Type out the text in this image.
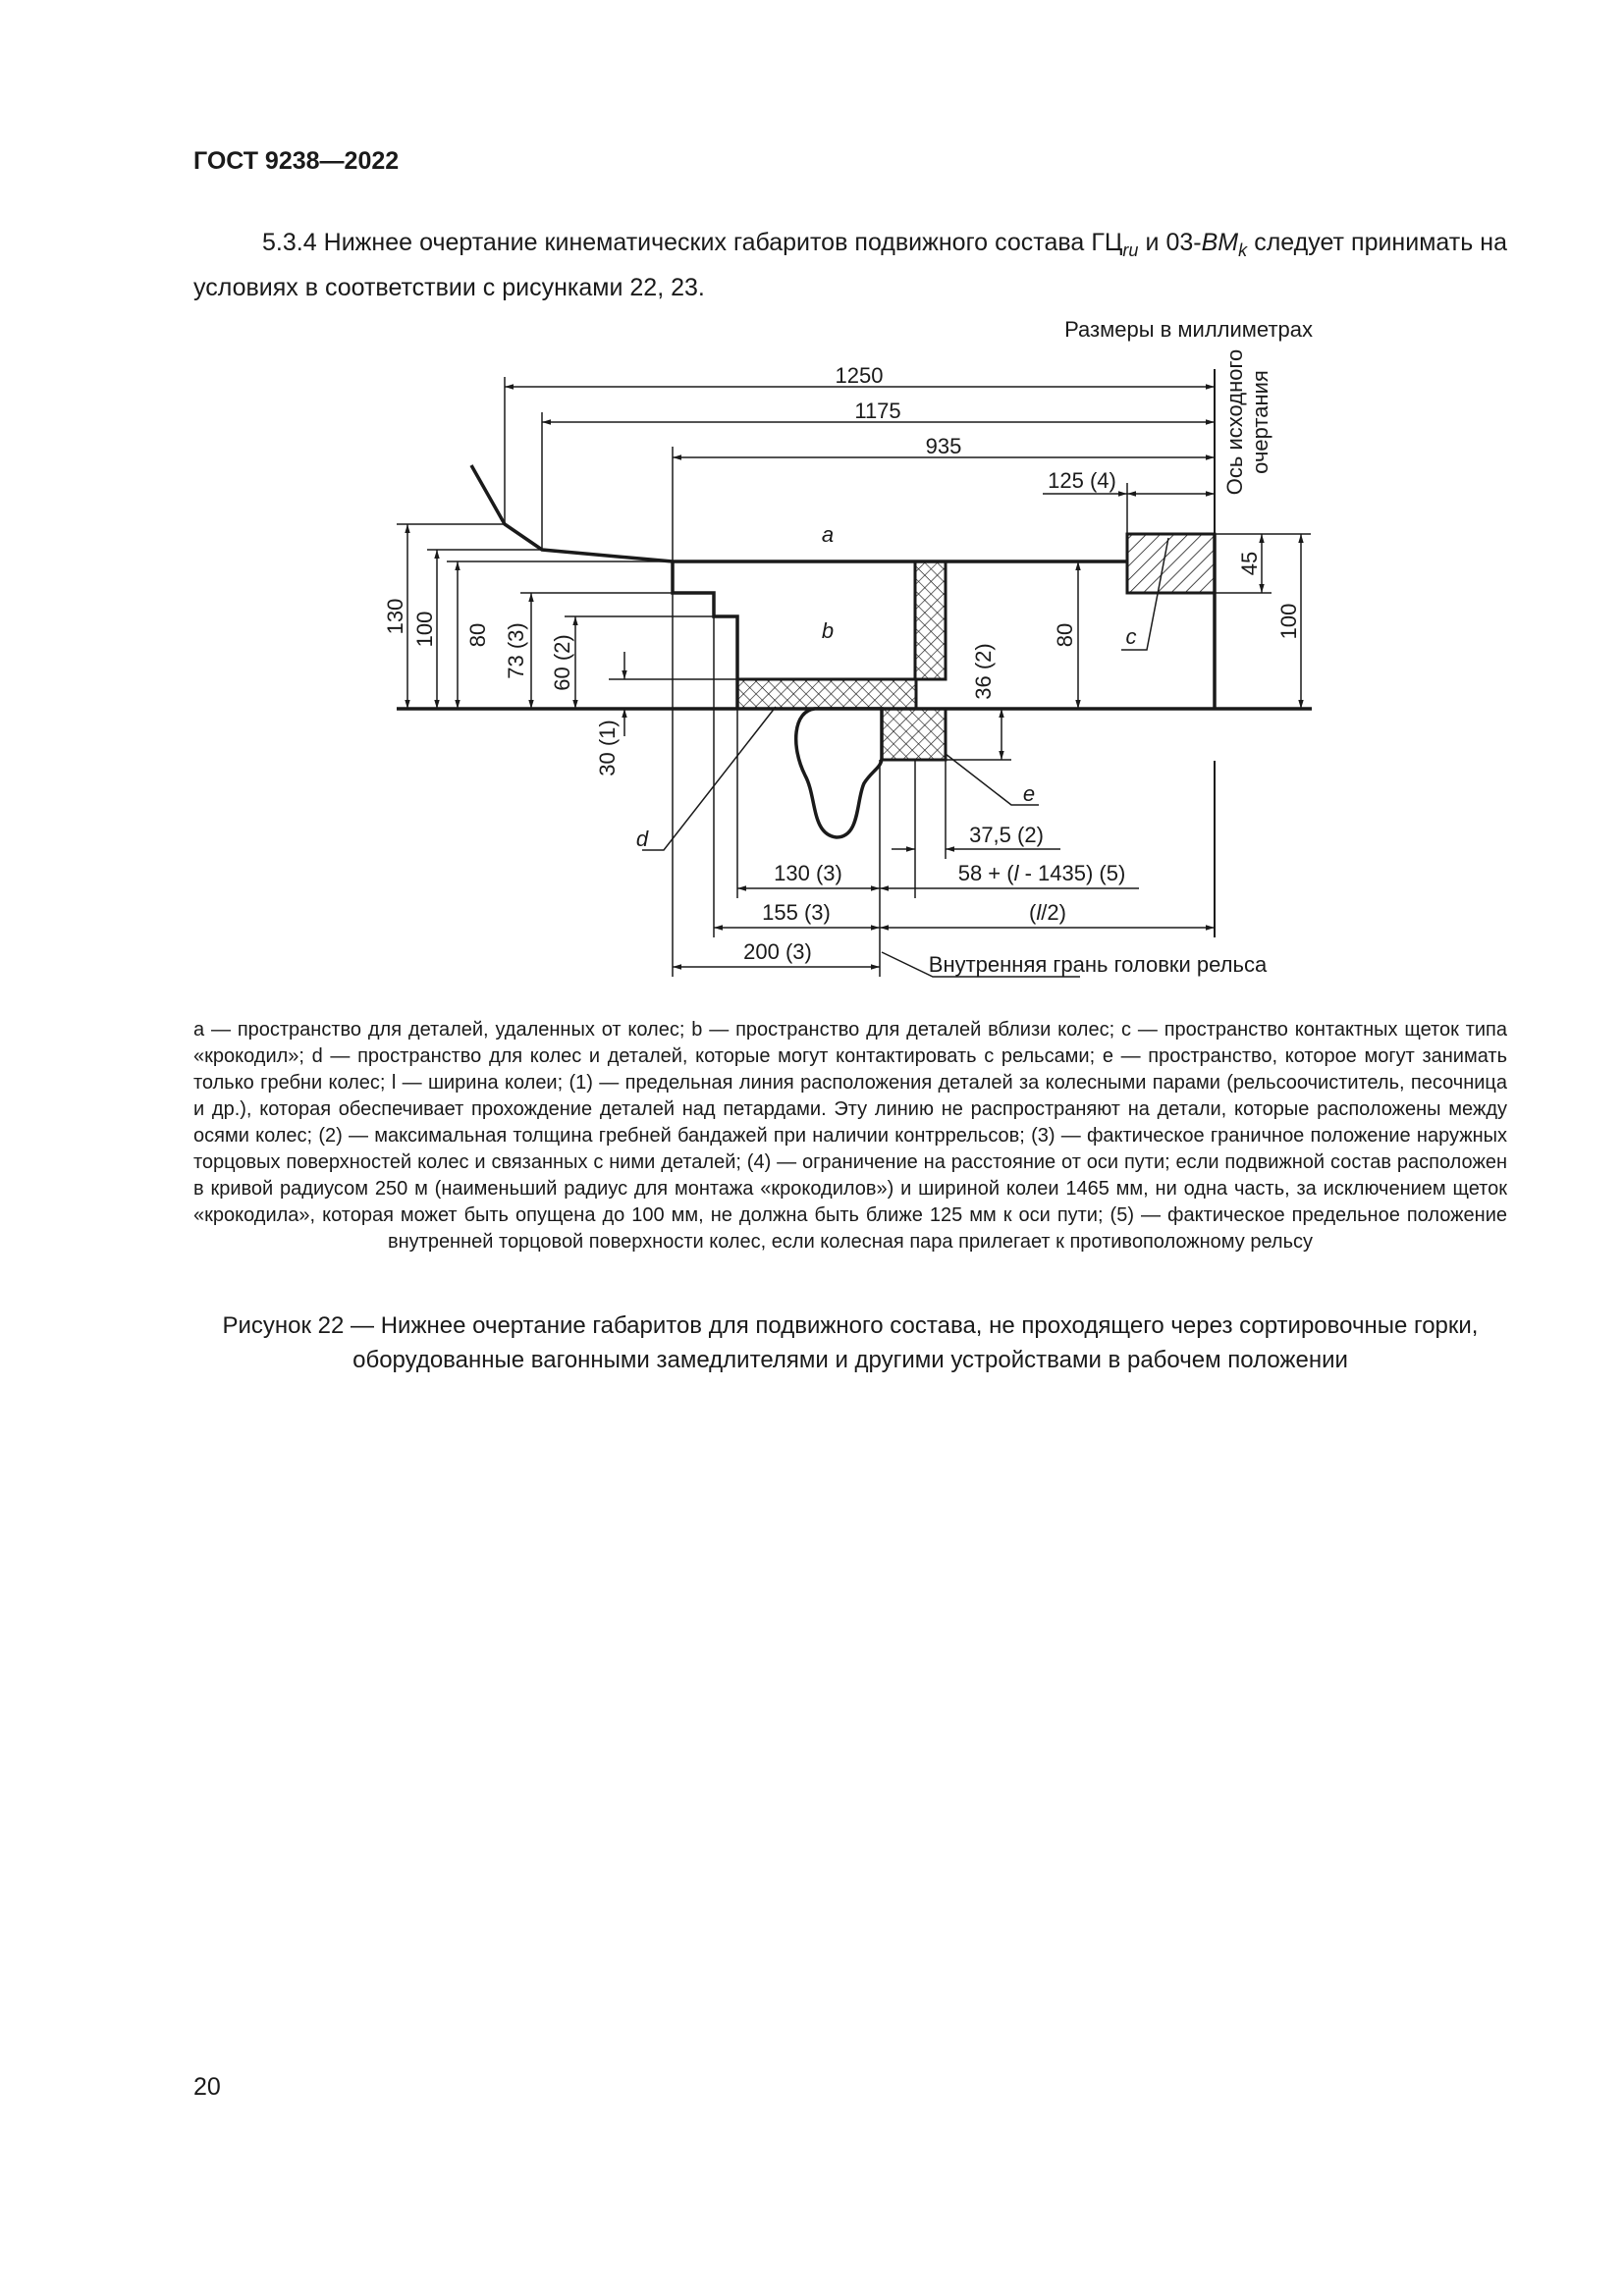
ГОСТ 9238—2022
5.3.4 Нижнее очертание кинематических габаритов подвижного состава $ГЦ_{ru}$ и $03-ВМ_k$ следует принимать на условиях в соответствии с рисунками 22, 23.
Размеры в миллиметрах
1250
1175
935
125 (4)
a
b	c
d
e
37,5 (2)
130 (3)	58 + (l - 1435) (5)
155 (3)	(l/2)
200 (3)
Внутренняя грань головки рельса
130 100 80 73 (3) 60 (2)
30 (1)
36 (2)
80
45
100
Ось исходного очертания
a — пространство для деталей, удаленных от колес; b — пространство для деталей вблизи колес; c — пространство контактных щеток типа «крокодил»; d — пространство для колес и деталей, которые могут контактировать с рельсами; e — пространство, которое могут занимать только гребни колес; l — ширина колеи; (1) — предельная линия расположения деталей за колесными парами (рельсоочиститель, песочница и др.), которая обеспечивает прохождение деталей над петардами. Эту линию не распространяют на детали, которые расположены между осями колес; (2) — максимальная толщина гребней бандажей при наличии контррельсов; (3) — фактическое граничное положение наружных торцовых поверхностей колес и связанных с ними деталей; (4) — ограничение на расстояние от оси пути; если подвижной состав расположен в кривой радиусом 250 м (наименьший радиус для монтажа «крокодилов») и шириной колеи 1465 мм, ни одна часть, за исключением щеток «крокодила», которая может быть опущена до 100 мм, не должна быть ближе 125 мм к оси пути; (5) — фактическое предельное положение внутренней торцовой поверхности колес, если колесная пара прилегает к противоположному рельсу
Рисунок 22 — Нижнее очертание габаритов для подвижного состава, не проходящего через сортировочные горки, оборудованные вагонными замедлителями и другими устройствами в рабочем положении
20
